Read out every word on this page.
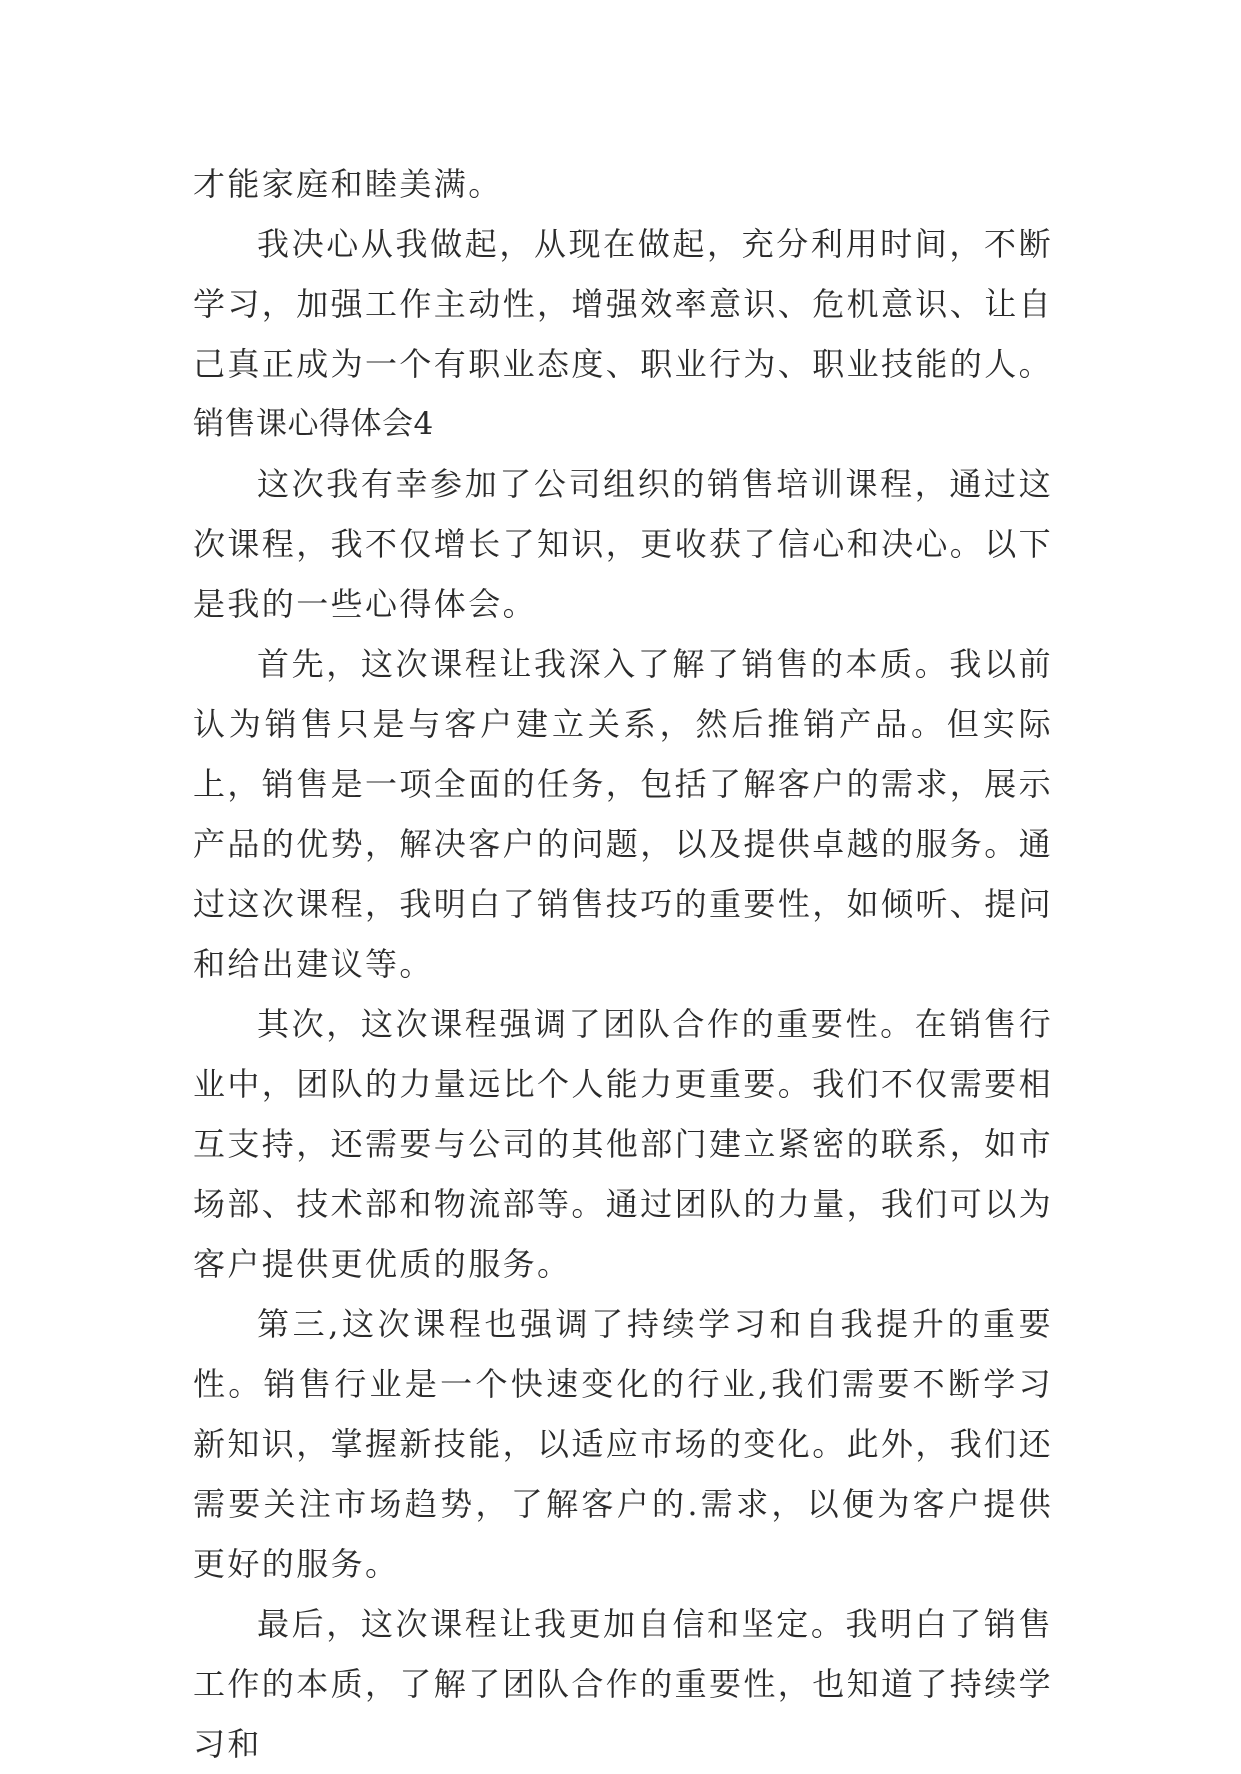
才能家庭和睦美满。

我决心从我做起，从现在做起，充分利用时间，不断学习，加强工作主动性，增强效率意识、危机意识、让自己真正成为一个有职业态度、职业行为、职业技能的人。

销售课心得体会4

这次我有幸参加了公司组织的销售培训课程，通过这次课程，我不仅增长了知识，更收获了信心和决心。以下是我的一些心得体会。

首先，这次课程让我深入了解了销售的本质。我以前认为销售只是与客户建立关系，然后推销产品。但实际上，销售是一项全面的任务，包括了解客户的需求，展示产品的优势，解决客户的问题，以及提供卓越的服务。通过这次课程，我明白了销售技巧的重要性，如倾听、提问和给出建议等。

其次，这次课程强调了团队合作的重要性。在销售行业中，团队的力量远比个人能力更重要。我们不仅需要相互支持，还需要与公司的其他部门建立紧密的联系，如市场部、技术部和物流部等。通过团队的力量，我们可以为客户提供更优质的服务。

第三,这次课程也强调了持续学习和自我提升的重要性。销售行业是一个快速变化的行业,我们需要不断学习新知识，掌握新技能，以适应市场的变化。此外，我们还需要关注市场趋势，了解客户的.需求，以便为客户提供更好的服务。

最后，这次课程让我更加自信和坚定。我明白了销售工作的本质，了解了团队合作的重要性，也知道了持续学习和
